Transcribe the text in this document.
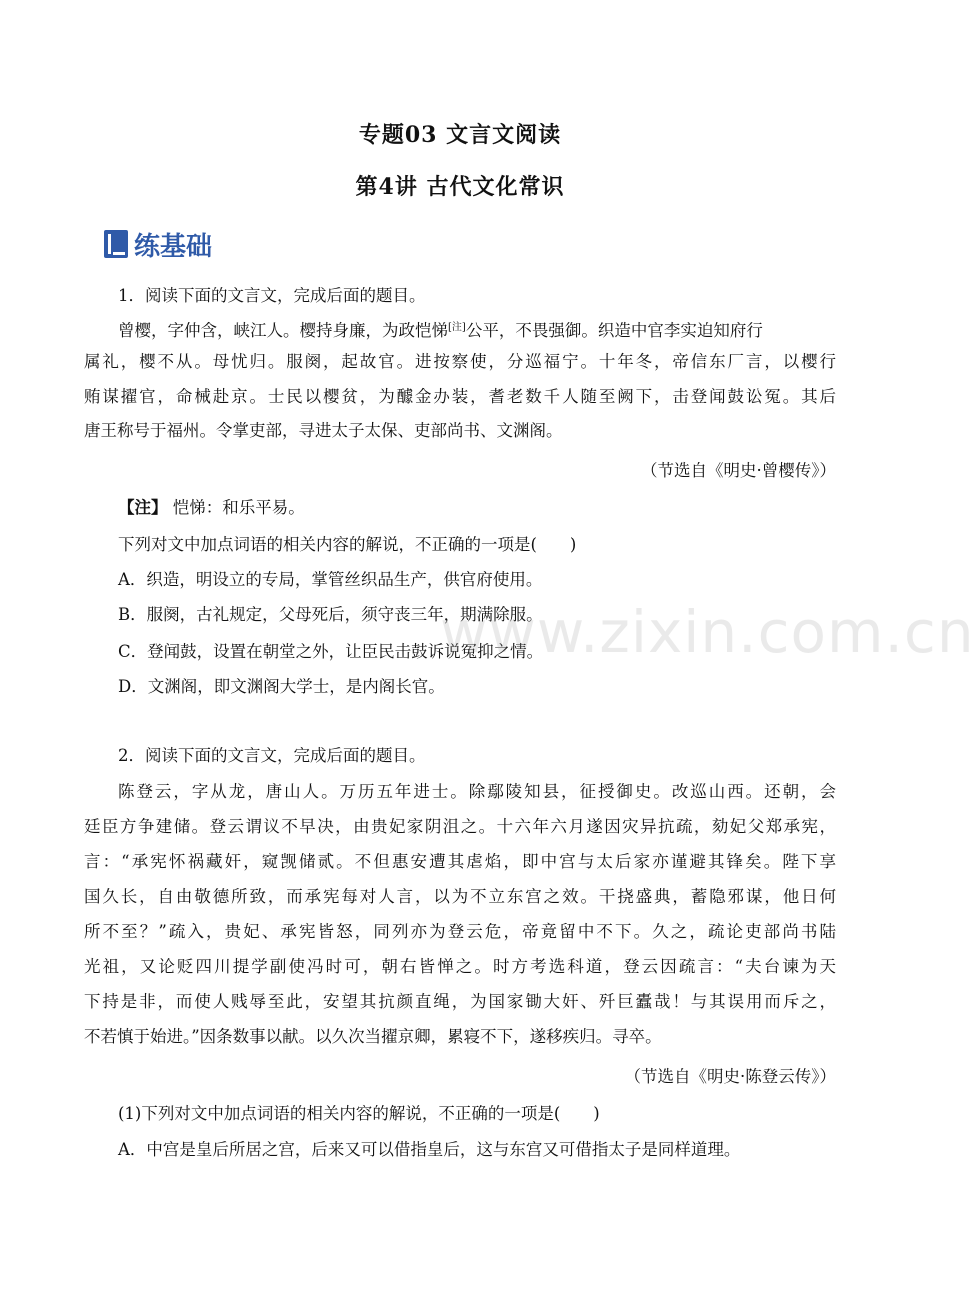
专题03 文言文阅读
第4讲 古代文化常识
练基础
1．阅读下面的文言文，完成后面的题目。
曾樱，字仲含，峡江人。樱持身廉，为政恺悌[注]公平，不畏强御。织造中官李实迫知府行
属礼，樱不从。母忧归。服阕，起故官。进按察使，分巡福宁。十年冬，帝信东厂言，以樱行
贿谋擢官，命械赴京。士民以樱贫，为醵金办装，耆老数千人随至阙下，击登闻鼓讼冤。其后
唐王称号于福州。令掌吏部，寻进太子太保、吏部尚书、文渊阁。
（节选自《明史·曾樱传》）
【注】 恺悌：和乐平易。
下列对文中加点词语的相关内容的解说，不正确的一项是(　　)
A．织造，明设立的专局，掌管丝织品生产，供官府使用。
B．服阕，古礼规定，父母死后，须守丧三年，期满除服。
C．登闻鼓，设置在朝堂之外，让臣民击鼓诉说冤抑之情。
D．文渊阁，即文渊阁大学士，是内阁长官。
www.zixin.com.cn
2．阅读下面的文言文，完成后面的题目。
陈登云，字从龙，唐山人。万历五年进士。除鄢陵知县，征授御史。改巡山西。还朝，会
廷臣方争建储。登云谓议不早决，由贵妃家阴沮之。十六年六月遂因灾异抗疏，劾妃父郑承宪，
言：“承宪怀祸藏奸，窥觊储贰。不但惠安遭其虐焰，即中宫与太后家亦谨避其锋矣。陛下享
国久长，自由敬德所致，而承宪每对人言，以为不立东宫之效。干挠盛典，蓄隐邪谋，他日何
所不至？”疏入，贵妃、承宪皆怒，同列亦为登云危，帝竟留中不下。久之，疏论吏部尚书陆
光祖，又论贬四川提学副使冯时可，朝右皆惮之。时方考选科道，登云因疏言：“夫台谏为天
下持是非，而使人贱辱至此，安望其抗颜直绳，为国家锄大奸、歼巨蠹哉！与其误用而斥之，
不若慎于始进。”因条数事以献。以久次当擢京卿，累寝不下，遂移疾归。寻卒。
（节选自《明史·陈登云传》）
(1)下列对文中加点词语的相关内容的解说，不正确的一项是(　　)
A．中宫是皇后所居之宫，后来又可以借指皇后，这与东宫又可借指太子是同样道理。
